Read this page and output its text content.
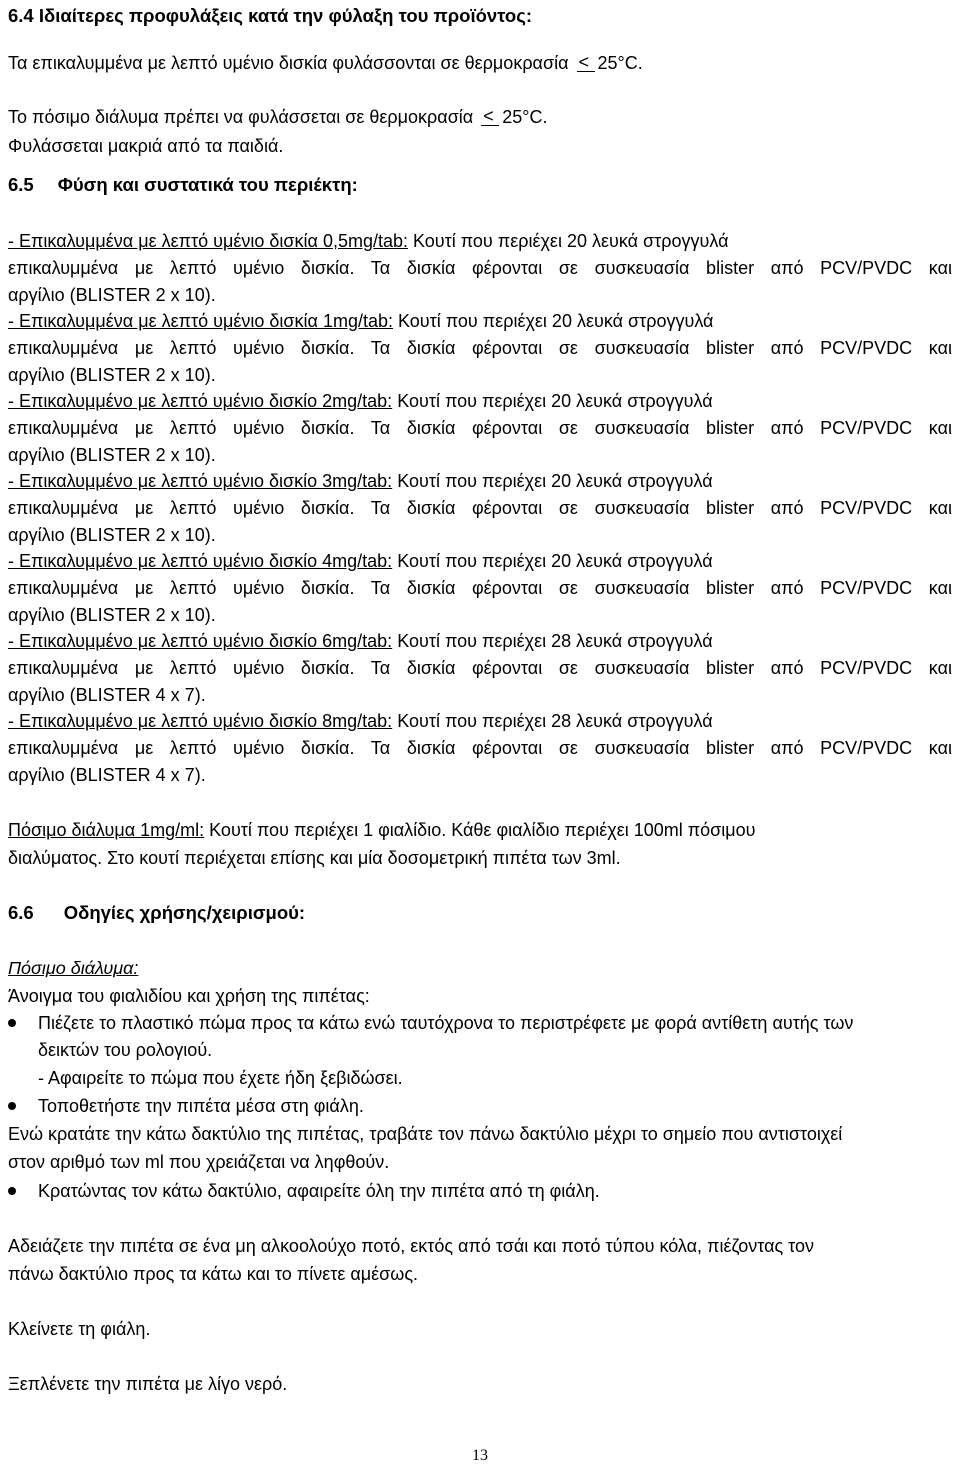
6.4 Ιδιαίτερες προφυλάξεις κατά την φύλαξη του προϊόντος:
Τα επικαλυμμένα με λεπτό υμένιο δισκία φυλάσσονται σε θερμοκρασία < 25°C.
Το πόσιμο διάλυμα πρέπει να φυλάσσεται σε θερμοκρασία < 25°C.
Φυλάσσεται μακριά από τα παιδιά.
6.5 Φύση και συστατικά του περιέκτη:
- Επικαλυμμένα με λεπτό υμένιο δισκία 0,5mg/tab: Κουτί που περιέχει 20 λευκά στρογγυλά
επικαλυμμένα με λεπτό υμένιο δισκία. Τα δισκία φέρονται σε συσκευασία blister από PCV/PVDC και
αργίλιο (BLISTER 2 x 10).
- Επικαλυμμένα με λεπτό υμένιο δισκία 1mg/tab: Κουτί που περιέχει 20 λευκά στρογγυλά
επικαλυμμένα με λεπτό υμένιο δισκία. Τα δισκία φέρονται σε συσκευασία blister από PCV/PVDC και
αργίλιο (BLISTER 2 x 10).
- Επικαλυμμένο με λεπτό υμένιο δισκίο 2mg/tab: Κουτί που περιέχει 20 λευκά στρογγυλά
επικαλυμμένα με λεπτό υμένιο δισκία. Τα δισκία φέρονται σε συσκευασία blister από PCV/PVDC και
αργίλιο (BLISTER 2 x 10).
- Επικαλυμμένο με λεπτό υμένιο δισκίο 3mg/tab: Κουτί που περιέχει 20 λευκά στρογγυλά
επικαλυμμένα με λεπτό υμένιο δισκία. Τα δισκία φέρονται σε συσκευασία blister από PCV/PVDC και
αργίλιο (BLISTER 2 x 10).
- Επικαλυμμένο με λεπτό υμένιο δισκίο 4mg/tab: Κουτί που περιέχει 20 λευκά στρογγυλά
επικαλυμμένα με λεπτό υμένιο δισκία. Τα δισκία φέρονται σε συσκευασία blister από PCV/PVDC και
αργίλιο (BLISTER 2 x 10).
- Επικαλυμμένο με λεπτό υμένιο δισκίο 6mg/tab: Κουτί που περιέχει 28 λευκά στρογγυλά
επικαλυμμένα με λεπτό υμένιο δισκία. Τα δισκία φέρονται σε συσκευασία blister από PCV/PVDC και
αργίλιο (BLISTER 4 x 7).
- Επικαλυμμένο με λεπτό υμένιο δισκίο 8mg/tab: Κουτί που περιέχει 28 λευκά στρογγυλά
επικαλυμμένα με λεπτό υμένιο δισκία. Τα δισκία φέρονται σε συσκευασία blister από PCV/PVDC και
αργίλιο (BLISTER 4 x 7).
Πόσιμο διάλυμα 1mg/ml: Κουτί που περιέχει 1 φιαλίδιο. Κάθε φιαλίδιο περιέχει 100ml πόσιμου
διαλύματος. Στο κουτί περιέχεται επίσης και μία δοσομετρική πιπέτα των 3ml.
6.6 Οδηγίες χρήσης/χειρισμού:
Πόσιμο διάλυμα:
Άνοιγμα του φιαλιδίου και χρήση της πιπέτας:
Πιέζετε το πλαστικό πώμα προς τα κάτω ενώ ταυτόχρονα το περιστρέφετε με φορά αντίθετη αυτής των
δεικτών του ρολογιού.
- Αφαιρείτε το πώμα που έχετε ήδη ξεβιδώσει.
Τοποθετήστε την πιπέτα μέσα στη φιάλη.
Ενώ κρατάτε την κάτω δακτύλιο της πιπέτας, τραβάτε τον πάνω δακτύλιο μέχρι το σημείο που αντιστοιχεί
στον αριθμό των ml που χρειάζεται να ληφθούν.
Κρατώντας τον κάτω δακτύλιο, αφαιρείτε όλη την πιπέτα από τη φιάλη.
Αδειάζετε την πιπέτα σε ένα μη αλκοολούχο ποτό, εκτός από τσάι και ποτό τύπου κόλα, πιέζοντας τον
πάνω δακτύλιο προς τα κάτω και το πίνετε αμέσως.
Κλείνετε τη φιάλη.
Ξεπλένετε την πιπέτα με λίγο νερό.
13
